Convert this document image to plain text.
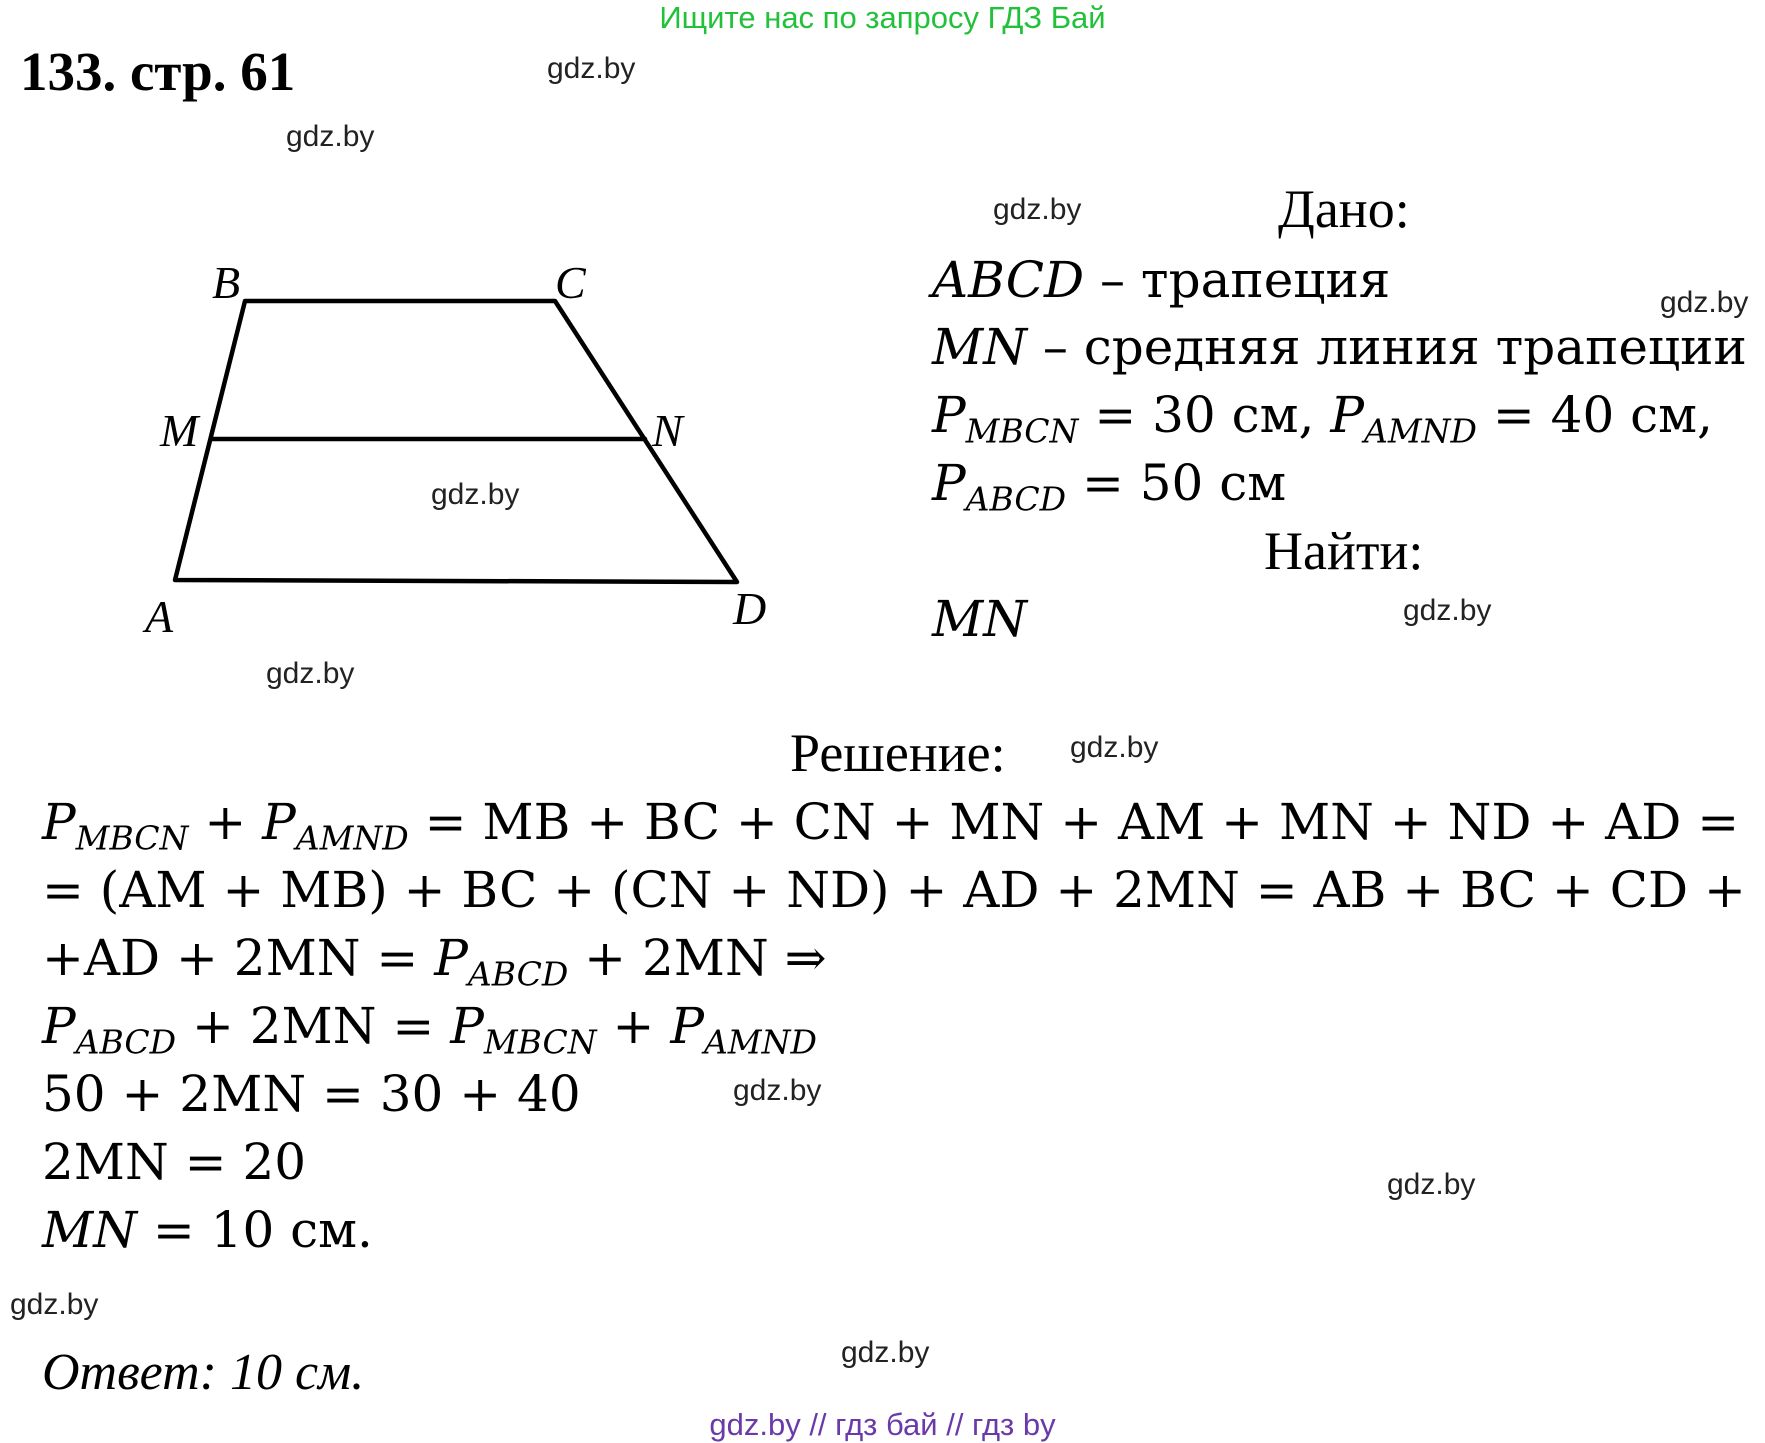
Ищите нас по запросу ГДЗ Бай
133. стр. 61	gdz.by
gdz.by
gdz.by
gdz.by
gdz.by
gdz.by
gdz.by
gdz.by
gdz.by
gdz.by
gdz.by
gdz.by
B	C
M	N
A	D
Дано:
ABCD – трапеция
MN – средняя линия трапеции
$P_{MBCN} = 30$ см, $P_{AMND} = 40$ см,
$P_{ABCD} = 50$ см
Найти:
MN
Решение:
$P_{MBCN} + P_{AMND}$ = MB + BC + CN + MN + AM + MN + ND + AD =
= (AM + MB) + BC + (CN + ND) + AD + 2MN = AB + BC + CD +
$+AD + 2MN = P_{ABCD} + 2MN$ ⇒
$P_{ABCD} + 2MN = P_{MBCN} + P_{AMND}$
50 + 2MN = 30 + 40
2MN = 20
MN = 10 см.
Ответ: 10 см.
gdz.by // гдз бай // гдз by
